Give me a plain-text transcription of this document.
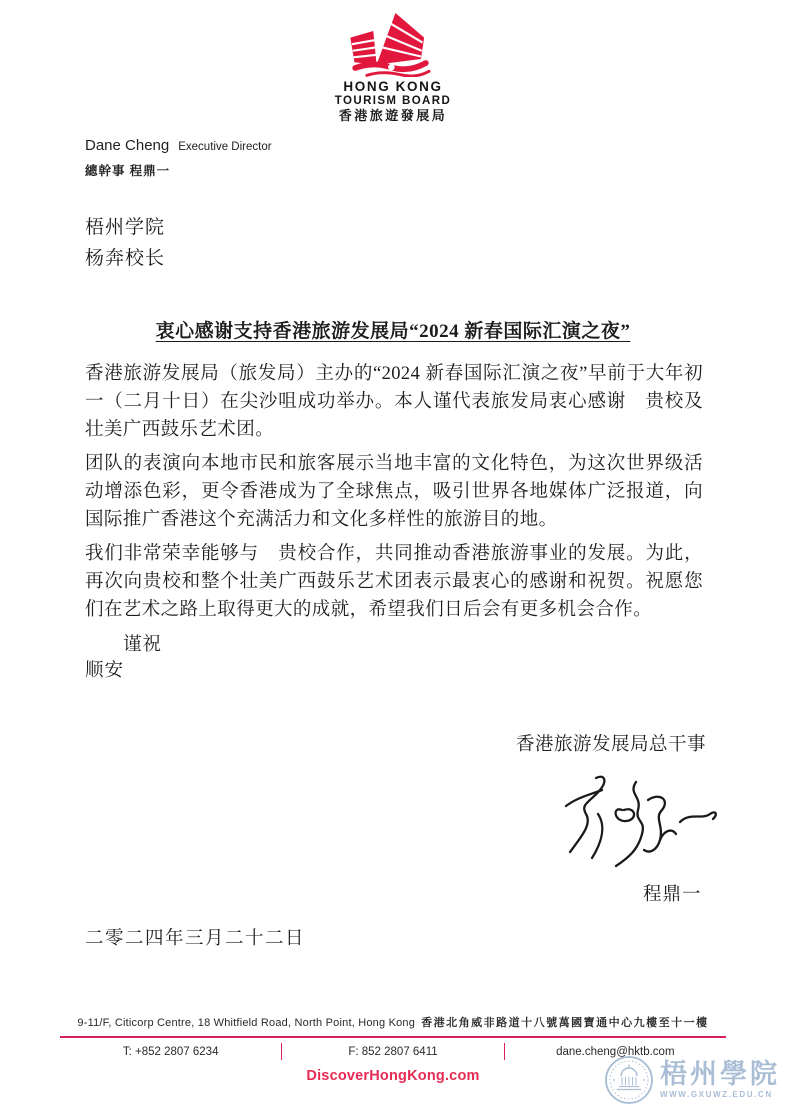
HONG KONG
TOURISM BOARD
香港旅遊發展局
Dane Cheng Executive Director
總幹事 程鼎一
梧州学院
杨奔校长
衷心感谢支持香港旅游发展局“2024 新春国际汇演之夜”

香港旅游发展局（旅发局）主办的“2024 新春国际汇演之夜”早前于大年初一（二月十日）在尖沙咀成功举办。本人谨代表旅发局衷心感谢　贵校及壮美广西鼓乐艺术团。

团队的表演向本地市民和旅客展示当地丰富的文化特色，为这次世界级活动增添色彩，更令香港成为了全球焦点，吸引世界各地媒体广泛报道，向国际推广香港这个充满活力和文化多样性的旅游目的地。

我们非常荣幸能够与　贵校合作，共同推动香港旅游事业的发展。为此，再次向贵校和整个壮美广西鼓乐艺术团表示最衷心的感谢和祝贺。祝愿您们在艺术之路上取得更大的成就，希望我们日后会有更多机会合作。

谨祝
顺安
香港旅游发展局总干事
程鼎一
二零二四年三月二十二日
9-11/F, Citicorp Centre, 18 Whitfield Road, North Point, Hong Kong 香港北角威非路道十八號萬國寶通中心九樓至十一樓
T: +852 2807 6234	F: 852 2807 6411	dane.cheng@hktb.com
DiscoverHongKong.com	梧州學院
WWW.GXUWZ.EDU.CN
